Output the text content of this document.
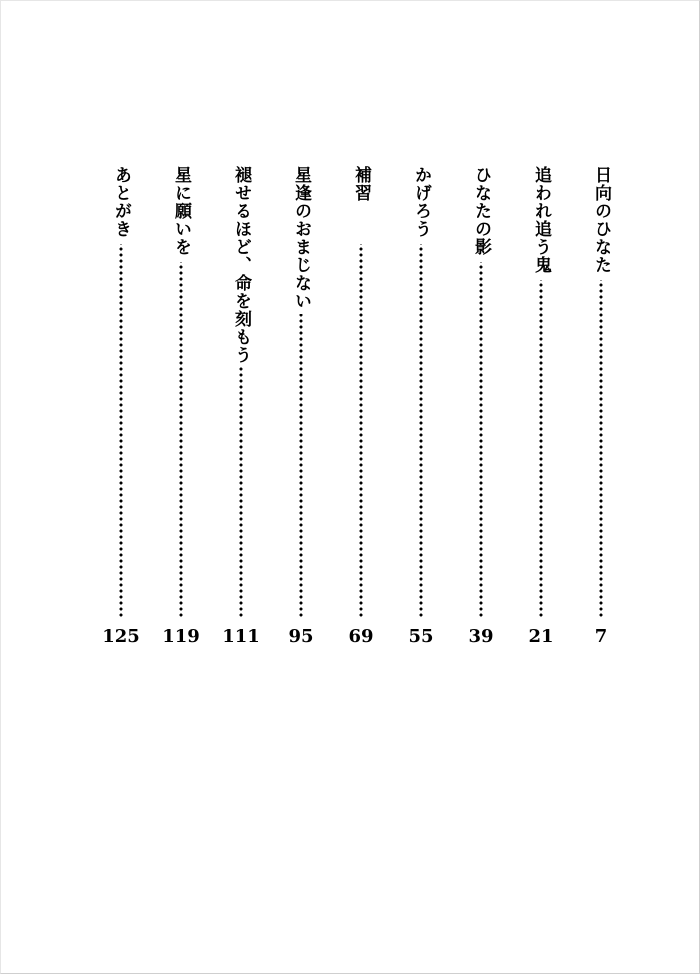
日向のひなた
7
追われ追う鬼
21
ひなたの影
39
かげろう
55
補習
69
星逢のおまじない
95
褪せるほど、命を刻もう
111
星に願いを
119
あとがき
125
